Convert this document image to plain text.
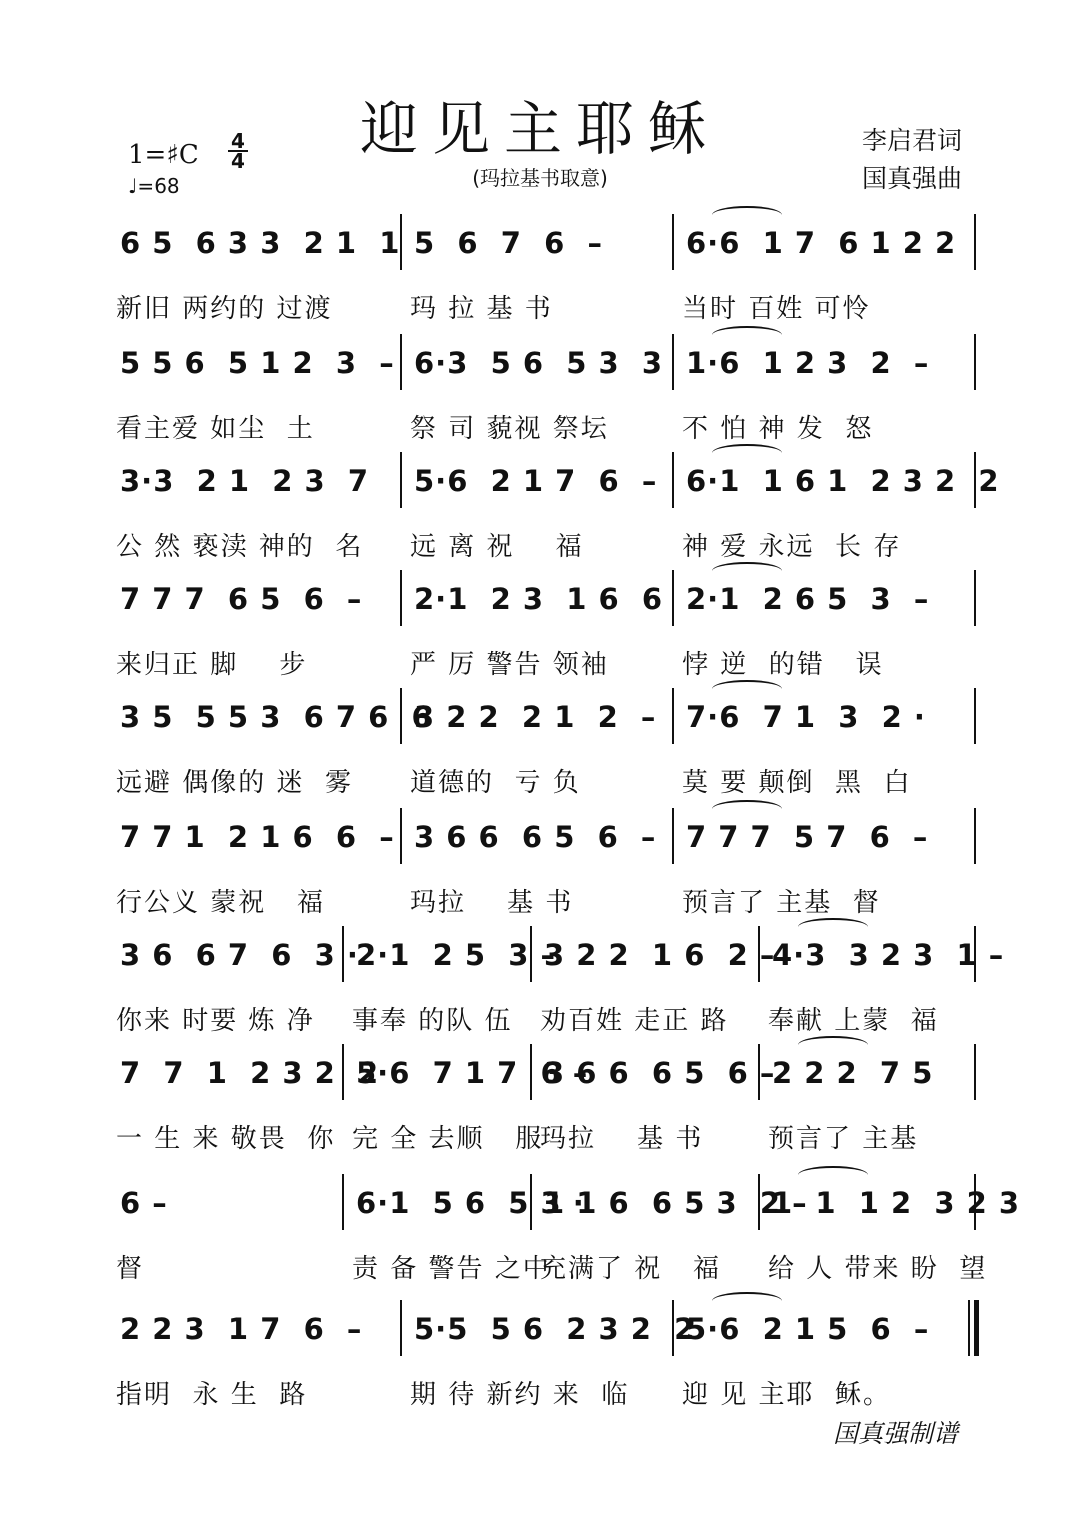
迎见主耶稣
(玛拉基书取意)
李启君词
国真强曲
1=♯C 4
4
♩=68
6 5  6 3 3  2 1  1
新旧 两约的 过渡
5  6  7  6  –
玛 拉 基 书
6·6  1 7  6 1 2 2
当时 百姓 可怜
5 5 6  5 1 2  3  –
看主爱 如尘  土
6·3  5 6  5 3  3
祭 司 藐视 祭坛
1·6  1 2 3  2  –
不 怕 神 发  怒
3·3  2 1  2 3  7
公 然 亵渎 神的  名
5·6  2 1 7  6  –
远 离 祝    福
6·1  1 6 1  2 3 2  2
神 爱 永远  长 存
7 7 7  6 5  6  –
来归正 脚    步
2·1  2 3  1 6  6
严 厉 警告 领袖
2·1  2 6 5  3  –
悖 逆  的错   误
3 5  5 5 3  6 7 6  6
远避 偶像的 迷  雾
3 2 2  2 1  2  –
道德的  亏 负
7·6  7 1  3  2 ·
莫 要 颠倒  黑  白
7 7 1  2 1 6  6  –
行公义 蒙祝   福
3 6 6  6 5  6  –
玛拉    基 书
7 7 7  5 7  6  –
预言了 主基  督
3 6  6 7  6  3 ·
你来 时要 炼 净
2·1  2 5  3 –
事奉 的队 伍
3 2 2  1 6  2 –
劝百姓 走正 路
4·3  3 2 3  1 –
奉献 上蒙  福
7  7  1  2 3 2  2
一 生 来 敬畏  你
5·6  7 1 7  6 –
完 全 去顺   服
3 6 6  6 5  6 –
玛拉    基 书
2 2 2  7 5
预言了 主基
6 –
督
6·1  5 6  5 3 ·
责 备 警告 之中
1 1 6  6 5 3  2 –
充满了 祝   福
1  1  1 2  3 2 3
给 人 带来 盼  望
2 2 3  1 7  6  –
指明  永 生  路
5·5  5 6  2 3 2  2
期 待 新约 来  临
5·6  2 1 5  6  –
迎 见 主耶  稣。
国真强制谱
